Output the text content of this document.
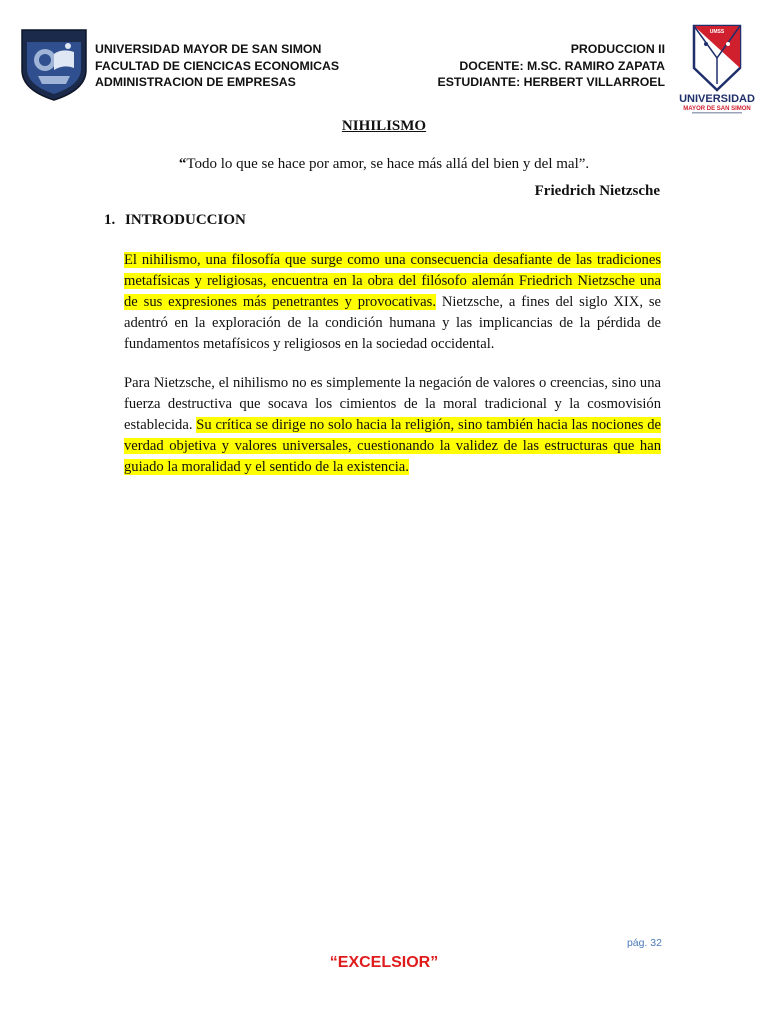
UNIVERSIDAD MAYOR DE SAN SIMON
FACULTAD DE CIENCICAS ECONOMICAS
ADMINISTRACION DE EMPRESAS
PRODUCCION II
DOCENTE: M.SC. RAMIRO ZAPATA
ESTUDIANTE: HERBERT VILLARROEL
UMSS
UNIVERSIDAD
MAYOR DE SAN SIMON
NIHILISMO
“Todo lo que se hace por amor, se hace más allá del bien y del mal”.
Friedrich Nietzsche
1. INTRODUCCION

El nihilismo, una filosofía que surge como una consecuencia desafiante de las tradiciones metafísicas y religiosas, encuentra en la obra del filósofo alemán Friedrich Nietzsche una de sus expresiones más penetrantes y provocativas. Nietzsche, a fines del siglo XIX, se adentró en la exploración de la condición humana y las implicancias de la pérdida de fundamentos metafísicos y religiosos en la sociedad occidental.

Para Nietzsche, el nihilismo no es simplemente la negación de valores o creencias, sino una fuerza destructiva que socava los cimientos de la moral tradicional y la cosmovisión establecida. Su crítica se dirige no solo hacia la religión, sino también hacia las nociones de verdad objetiva y valores universales, cuestionando la validez de las estructuras que han guiado la moralidad y el sentido de la existencia.

pág. 32
“EXCELSIOR”
